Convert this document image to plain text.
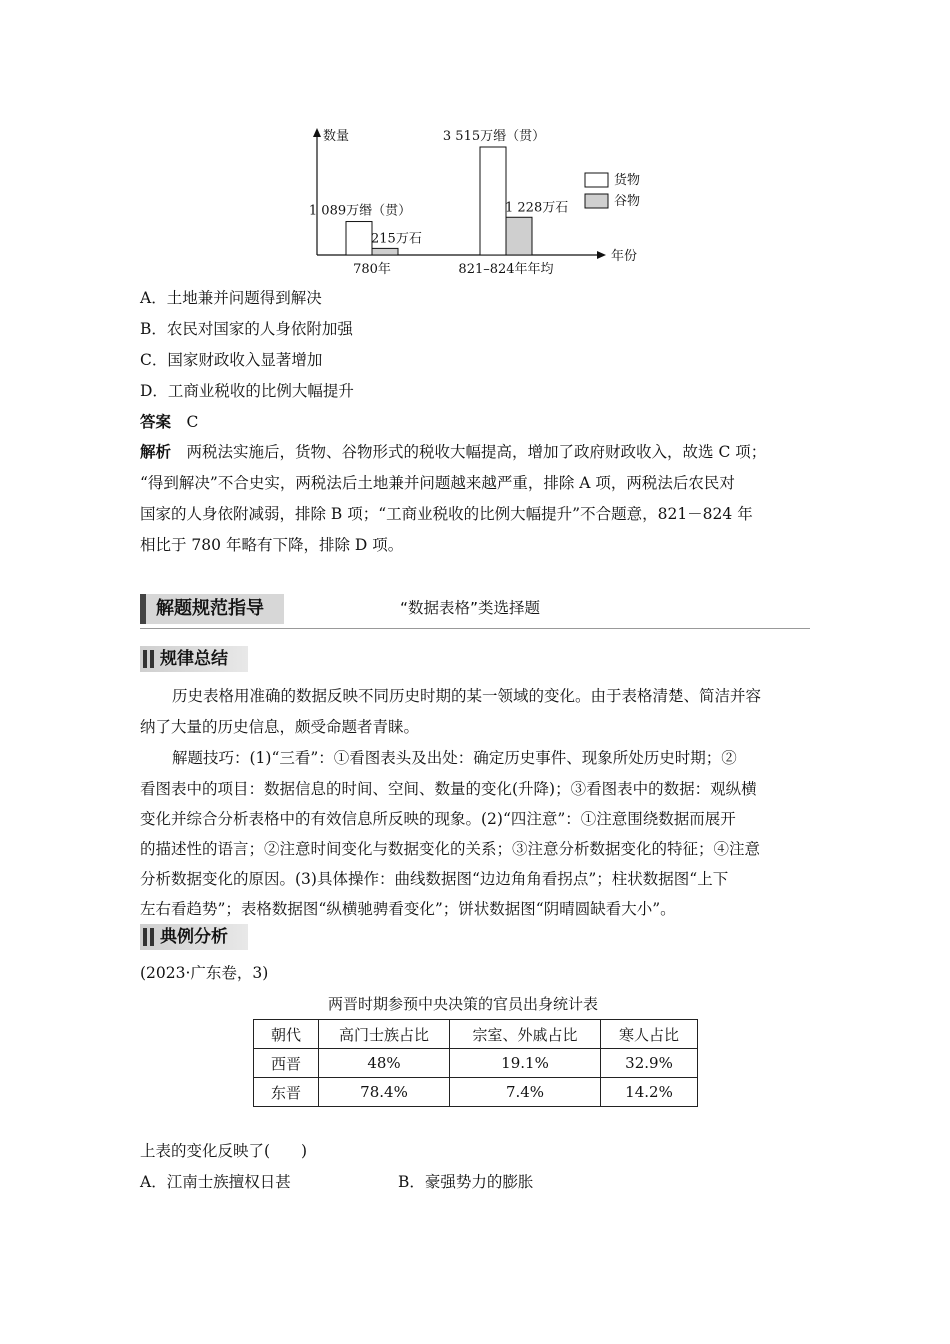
数量
年份
1 089万缗（贯）
215万石
780年
3 515万缗（贯）
1 228万石
821–824年年均
货物
谷物
A．土地兼并问题得到解决
B．农民对国家的人身依附加强
C．国家财政收入显著增加
D．工商业税收的比例大幅提升
答案　 C
解析　 两税法实施后，货物、谷物形式的税收大幅提高，增加了政府财政收入，故选 C 项；
“得到解决”不合史实，两税法后土地兼并问题越来越严重，排除 A 项，两税法后农民对
国家的人身依附减弱，排除 B 项；“工商业税收的比例大幅提升”不合题意，821－824 年
相比于 780 年略有下降，排除 D 项。
解题规范指导	“数据表格”类选择题
规律总结
历史表格用准确的数据反映不同历史时期的某一领域的变化。由于表格清楚、简洁并容
纳了大量的历史信息，颇受命题者青睐。
解题技巧：(1)“三看”：①看图表头及出处：确定历史事件、现象所处历史时期；②
看图表中的项目：数据信息的时间、空间、数量的变化(升降)；③看图表中的数据：观纵横
变化并综合分析表格中的有效信息所反映的现象。(2)“四注意”：①注意围绕数据而展开
的描述性的语言；②注意时间变化与数据变化的关系；③注意分析数据变化的特征；④注意
分析数据变化的原因。(3)具体操作：曲线数据图“边边角角看拐点”；柱状数据图“上下
左右看趋势”；表格数据图“纵横驰骋看变化”；饼状数据图“阴晴圆缺看大小”。
典例分析
(2023·广东卷，3)
两晋时期参预中央决策的官员出身统计表
朝代	高门士族占比	宗室、外戚占比	寒人占比
西晋	48%	19.1%	32.9%
东晋	78.4%	7.4%	14.2%
上表的变化反映了(　　)
A．江南士族擅权日甚	B．豪强势力的膨胀
